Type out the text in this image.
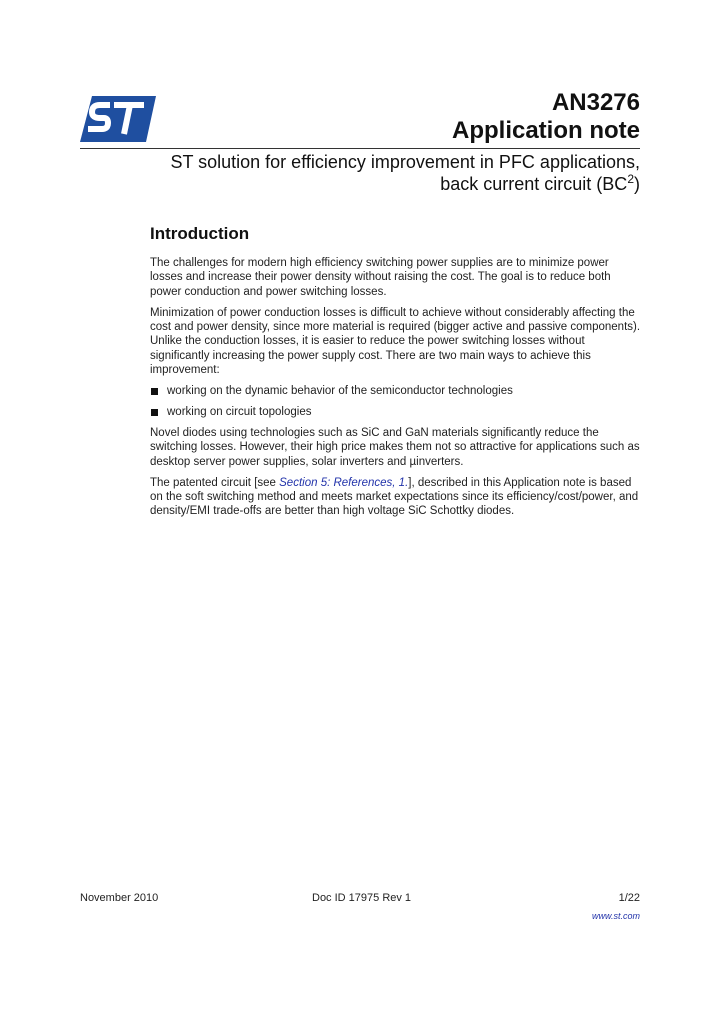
AN3276
Application note
ST solution for efficiency improvement in PFC applications,
back current circuit $(BC^2)$
Introduction

The challenges for modern high efficiency switching power supplies are to minimize power losses and increase their power density without raising the cost. The goal is to reduce both power conduction and power switching losses.

Minimization of power conduction losses is difficult to achieve without considerably affecting the cost and power density, since more material is required (bigger active and passive components). Unlike the conduction losses, it is easier to reduce the power switching losses without significantly increasing the power supply cost. There are two main ways to achieve this improvement:

working on the dynamic behavior of the semiconductor technologies
working on circuit topologies

Novel diodes using technologies such as SiC and GaN materials significantly reduce the switching losses. However, their high price makes them not so attractive for applications such as desktop server power supplies, solar inverters and µinverters.

The patented circuit [see Section 5: References, 1.], described in this Application note is based on the soft switching method and meets market expectations since its efficiency/cost/power, and density/EMI trade-offs are better than high voltage SiC Schottky diodes.

November 2010	Doc ID 17975 Rev 1	1/22
www.st.com
